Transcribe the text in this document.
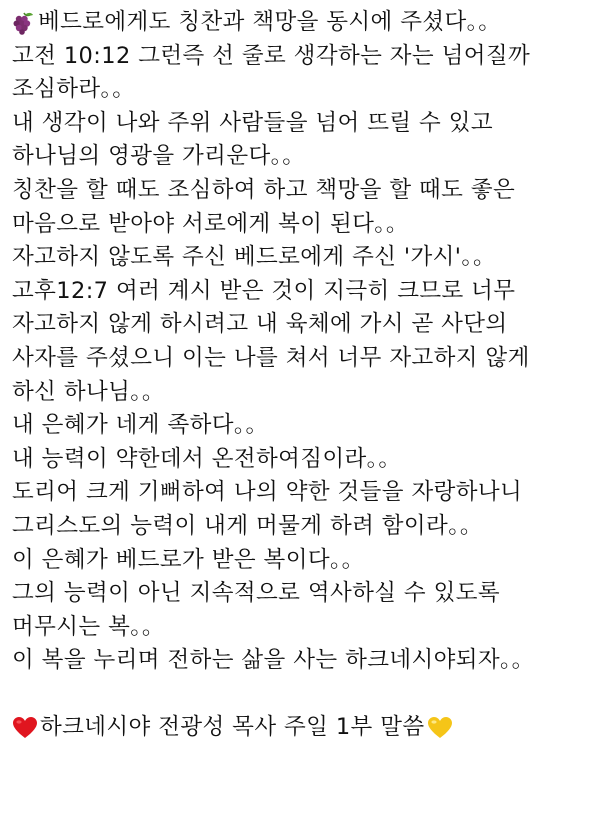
베드로에게도 칭찬과 책망을 동시에 주셨다。。
고전 10:12 그런즉 선 줄로 생각하는 자는 넘어질까
조심하라。。
내 생각이 나와 주위 사람들을 넘어 뜨릴 수 있고
하나님의 영광을 가리운다。。
칭찬을 할 때도 조심하여 하고 책망을 할 때도 좋은
마음으로 받아야 서로에게 복이 된다。。
자고하지 않도록 주신 베드로에게 주신 '가시'。。
고후12:7 여러 계시 받은 것이 지극히 크므로 너무
자고하지 않게 하시려고 내 육체에 가시 곧 사단의
사자를 주셨으니 이는 나를 쳐서 너무 자고하지 않게
하신 하나님。。
내 은혜가 네게 족하다。。
내 능력이 약한데서 온전하여짐이라。。
도리어 크게 기뻐하여 나의 약한 것들을 자랑하나니
그리스도의 능력이 내게 머물게 하려 함이라。。
이 은혜가 베드로가 받은 복이다。。
그의 능력이 아닌 지속적으로 역사하실 수 있도록
머무시는 복。。
이 복을 누리며 전하는 삶을 사는 하크네시야되자。。
하크네시야 전광성 목사 주일 1부 말씀
